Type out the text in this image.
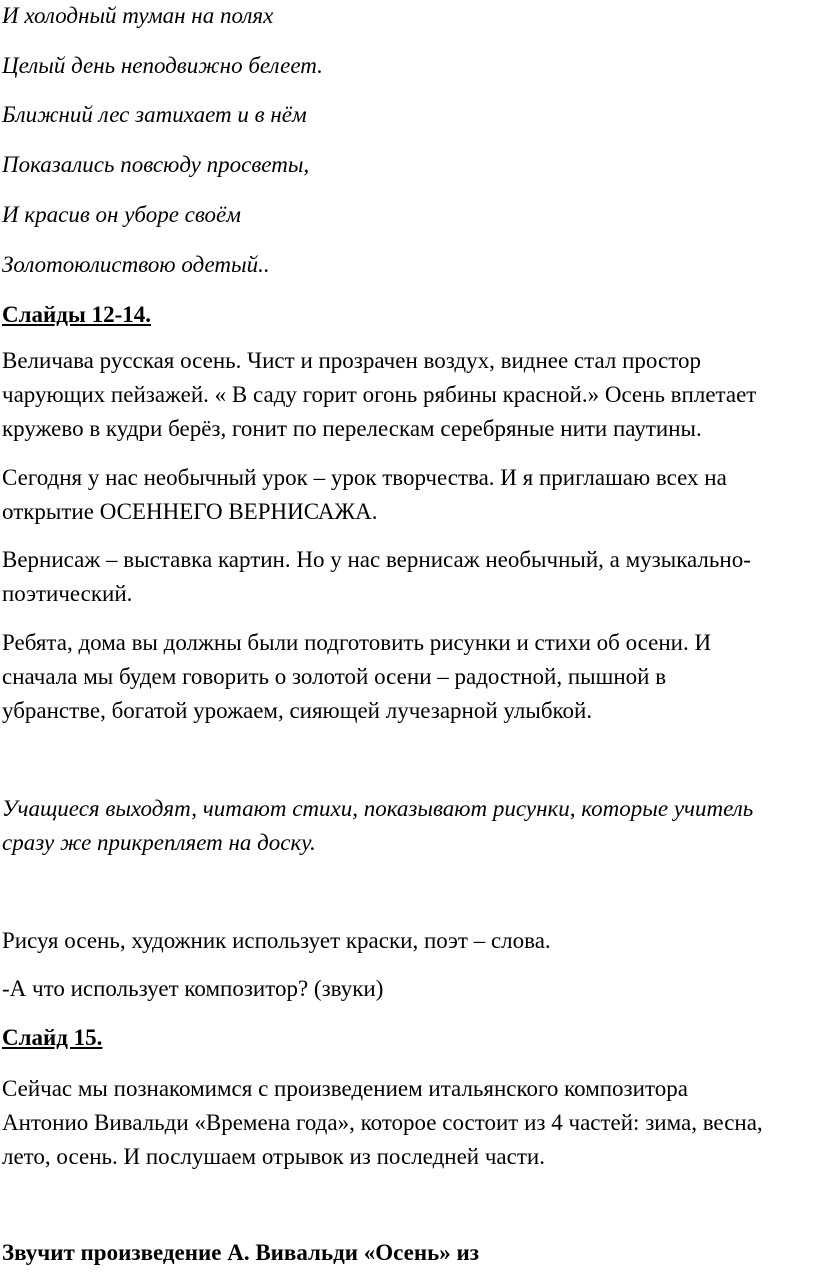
И холодный туман на полях
Целый день неподвижно белеет.
Ближний лес затихает и в нём
Показались повсюду просветы,
И красив он уборе своём
Золотоюлиствою одетый..
Слайды 12-14.
Величава русская осень. Чист и прозрачен воздух, виднее стал простор
чарующих пейзажей. « В саду горит огонь рябины красной.» Осень вплетает
кружево в кудри берёз, гонит по перелескам серебряные нити паутины.
Сегодня у нас необычный урок – урок творчества. И я приглашаю всех на
открытие ОСЕННЕГО ВЕРНИСАЖА.
Вернисаж – выставка картин. Но у нас вернисаж необычный, а музыкально-
поэтический.
Ребята, дома вы должны были подготовить рисунки и стихи об осени. И
сначала мы будем говорить о золотой осени – радостной, пышной в
убранстве, богатой урожаем, сияющей лучезарной улыбкой.
Учащиеся выходят, читают стихи, показывают рисунки, которые учитель
сразу же прикрепляет на доску.
Рисуя осень, художник использует краски, поэт – слова.
-А что использует композитор? (звуки)
Слайд 15.
Сейчас мы познакомимся с произведением итальянского композитора
Антонио Вивальди «Времена года», которое состоит из 4 частей: зима, весна,
лето, осень. И послушаем отрывок из последней части.
Звучит произведение А. Вивальди «Осень» из
